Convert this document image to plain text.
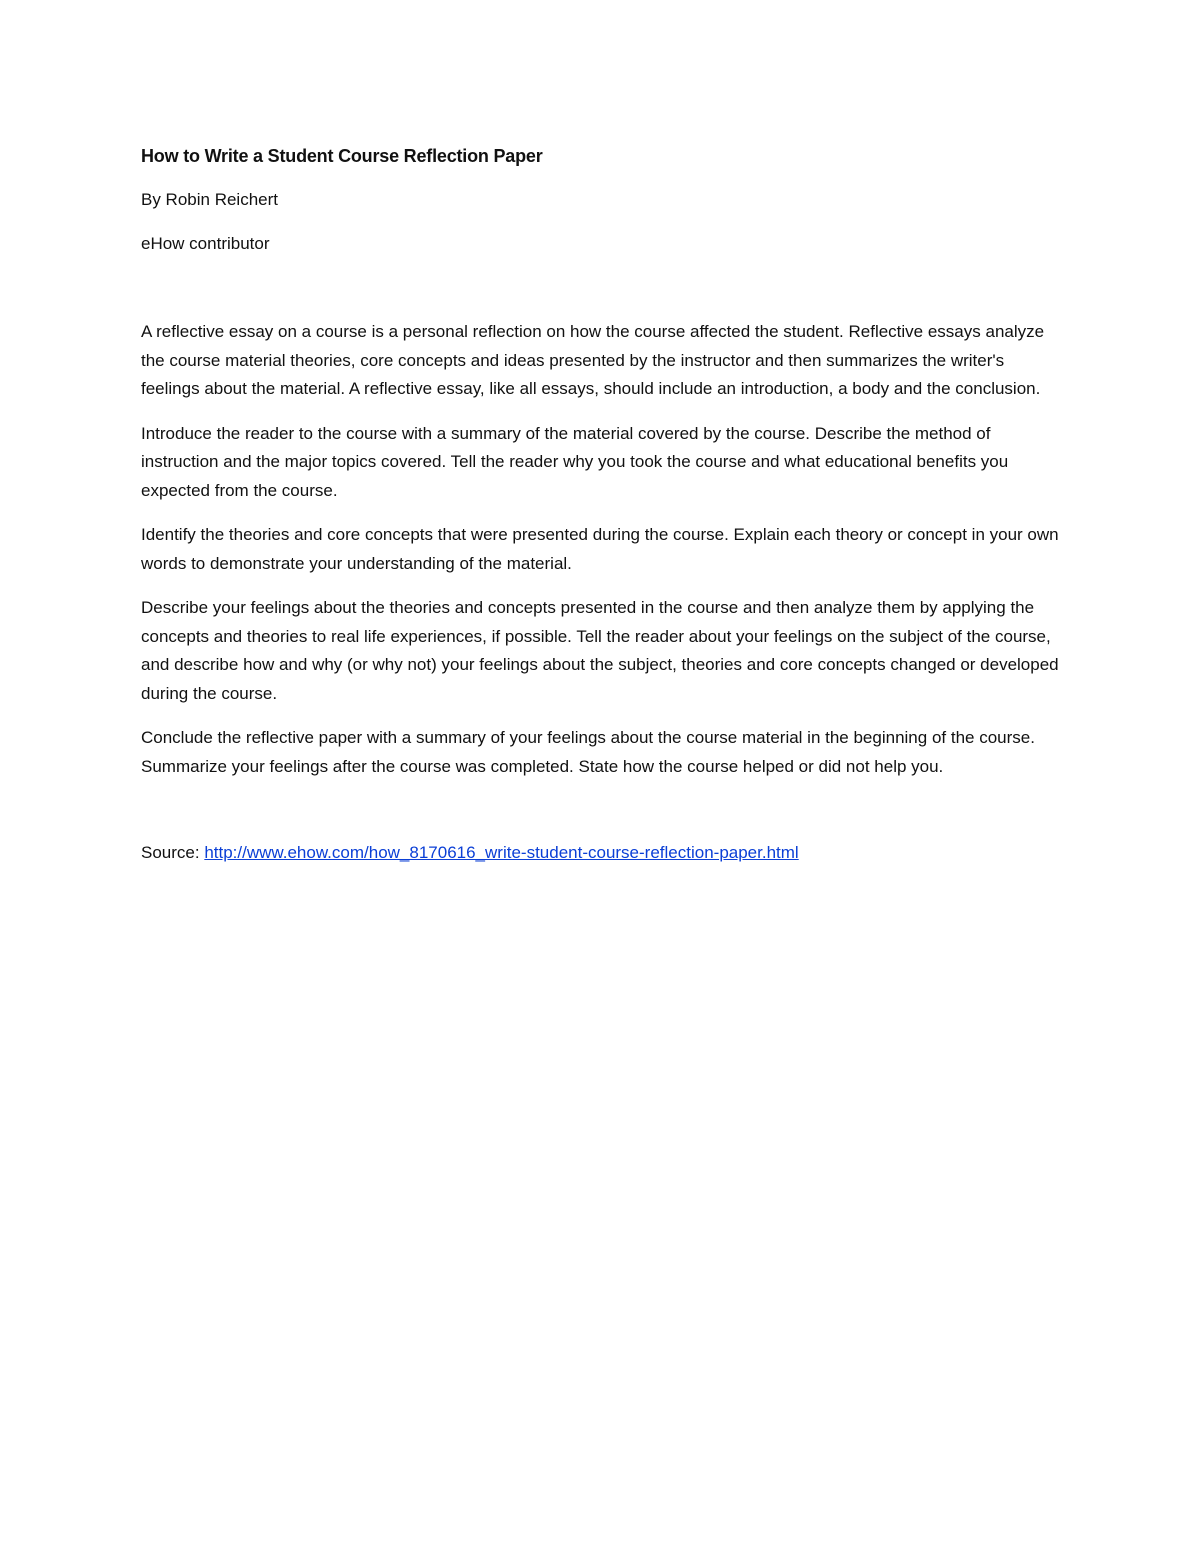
How to Write a Student Course Reflection Paper
By Robin Reichert
eHow contributor

A reflective essay on a course is a personal reflection on how the course affected the student. Reflective essays analyze the course material theories, core concepts and ideas presented by the instructor and then summarizes the writer's feelings about the material. A reflective essay, like all essays, should include an introduction, a body and the conclusion.

Introduce the reader to the course with a summary of the material covered by the course. Describe the method of instruction and the major topics covered. Tell the reader why you took the course and what educational benefits you expected from the course.

Identify the theories and core concepts that were presented during the course. Explain each theory or concept in your own words to demonstrate your understanding of the material.

Describe your feelings about the theories and concepts presented in the course and then analyze them by applying the concepts and theories to real life experiences, if possible. Tell the reader about your feelings on the subject of the course, and describe how and why (or why not) your feelings about the subject, theories and core concepts changed or developed during the course.

Conclude the reflective paper with a summary of your feelings about the course material in the beginning of the course. Summarize your feelings after the course was completed. State how the course helped or did not help you.

Source: http://www.ehow.com/how_8170616_write-student-course-reflection-paper.html
